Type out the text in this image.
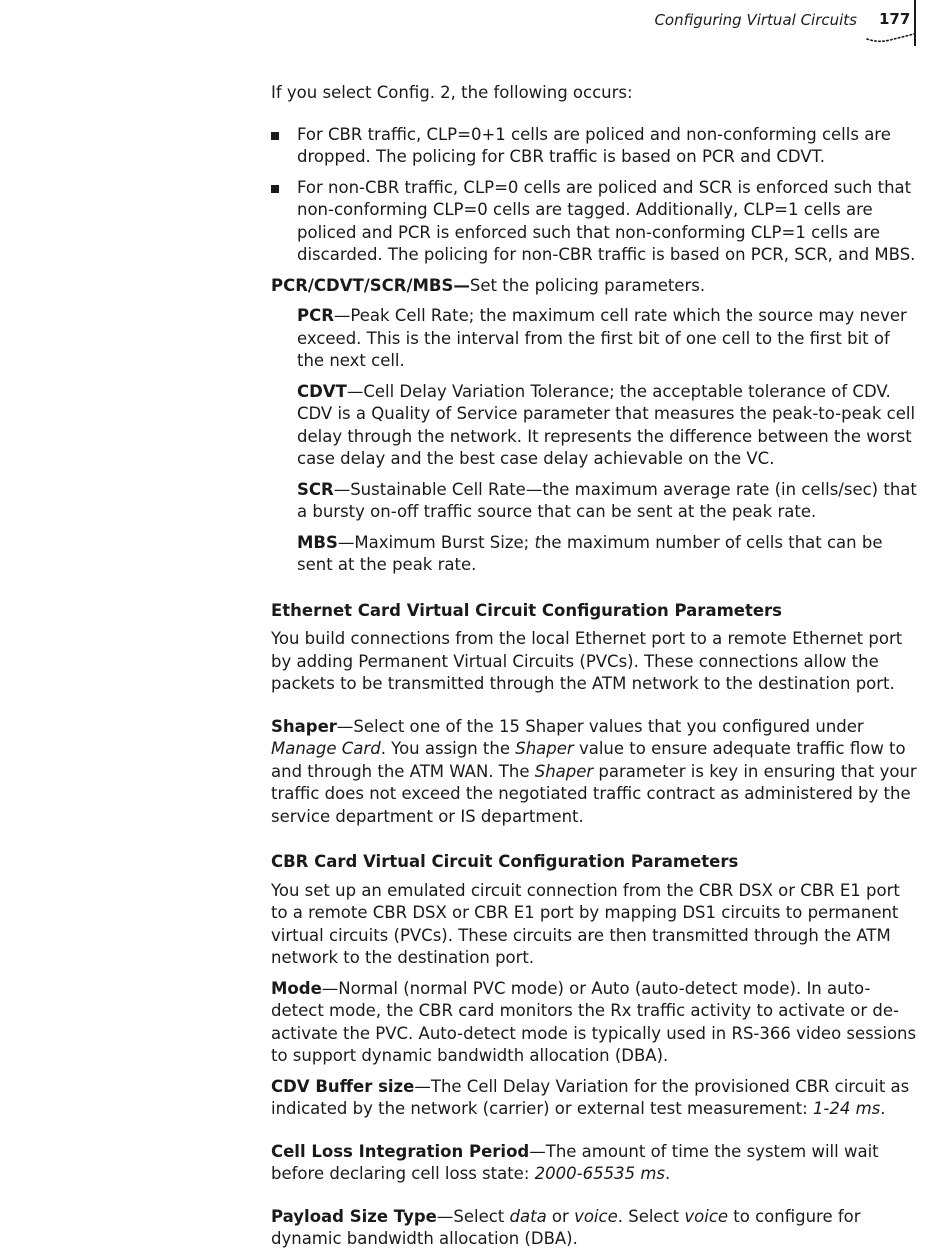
Configuring Virtual Circuits 177

If you select Config. 2, the following occurs:

For CBR traffic, CLP=0+1 cells are policed and non-conforming cells are dropped. The policing for CBR traffic is based on PCR and CDVT.
For non-CBR traffic, CLP=0 cells are policed and SCR is enforced such that non-conforming CLP=0 cells are tagged. Additionally, CLP=1 cells are policed and PCR is enforced such that non-conforming CLP=1 cells are discarded. The policing for non-CBR traffic is based on PCR, SCR, and MBS.

PCR/CDVT/SCR/MBS—Set the policing parameters.

PCR—Peak Cell Rate; the maximum cell rate which the source may never exceed. This is the interval from the first bit of one cell to the first bit of the next cell.

CDVT—Cell Delay Variation Tolerance; the acceptable tolerance of CDV. CDV is a Quality of Service parameter that measures the peak-to-peak cell delay through the network. It represents the difference between the worst case delay and the best case delay achievable on the VC.

SCR—Sustainable Cell Rate—the maximum average rate (in cells/sec) that a bursty on-off traffic source that can be sent at the peak rate.

MBS—Maximum Burst Size; the maximum number of cells that can be sent at the peak rate.

Ethernet Card Virtual Circuit Configuration Parameters

You build connections from the local Ethernet port to a remote Ethernet port by adding Permanent Virtual Circuits (PVCs). These connections allow the packets to be transmitted through the ATM network to the destination port.

Shaper—Select one of the 15 Shaper values that you configured under Manage Card. You assign the Shaper value to ensure adequate traffic flow to and through the ATM WAN. The Shaper parameter is key in ensuring that your traffic does not exceed the negotiated traffic contract as administered by the service department or IS department.

CBR Card Virtual Circuit Configuration Parameters

You set up an emulated circuit connection from the CBR DSX or CBR E1 port to a remote CBR DSX or CBR E1 port by mapping DS1 circuits to permanent virtual circuits (PVCs). These circuits are then transmitted through the ATM network to the destination port.

Mode—Normal (normal PVC mode) or Auto (auto-detect mode). In auto-detect mode, the CBR card monitors the Rx traffic activity to activate or de-activate the PVC. Auto-detect mode is typically used in RS-366 video sessions to support dynamic bandwidth allocation (DBA).

CDV Buffer size—The Cell Delay Variation for the provisioned CBR circuit as indicated by the network (carrier) or external test measurement: 1-24 ms.

Cell Loss Integration Period—The amount of time the system will wait before declaring cell loss state: 2000-65535 ms.

Payload Size Type—Select data or voice. Select voice to configure for dynamic bandwidth allocation (DBA).
